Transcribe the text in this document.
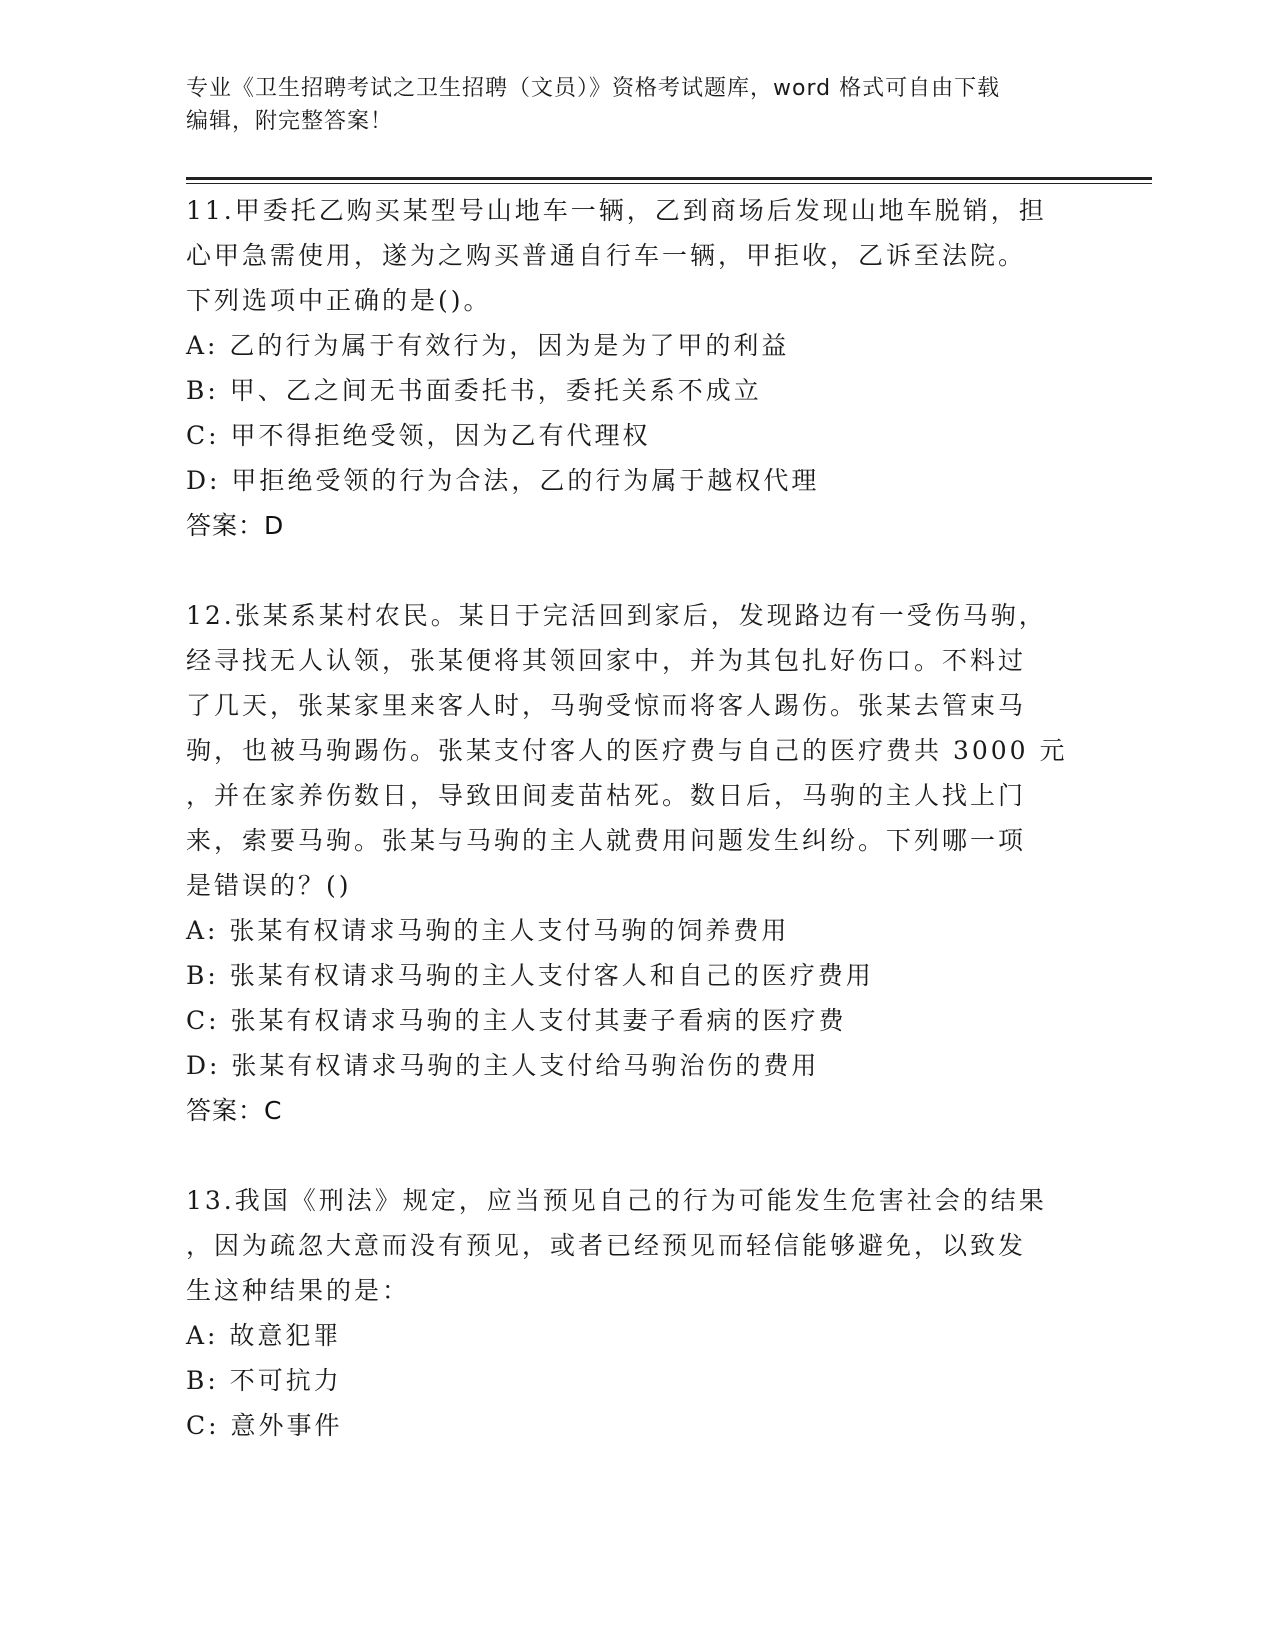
专业《卫生招聘考试之卫生招聘（文员）》资格考试题库，word 格式可自由下载
编辑，附完整答案！
11.甲委托乙购买某型号山地车一辆，乙到商场后发现山地车脱销，担
心甲急需使用，遂为之购买普通自行车一辆，甲拒收，乙诉至法院。
下列选项中正确的是()。
A: 乙的行为属于有效行为，因为是为了甲的利益
B: 甲、乙之间无书面委托书，委托关系不成立
C: 甲不得拒绝受领，因为乙有代理权
D: 甲拒绝受领的行为合法，乙的行为属于越权代理
答案：D
12.张某系某村农民。某日于完活回到家后，发现路边有一受伤马驹，
经寻找无人认领，张某便将其领回家中，并为其包扎好伤口。不料过
了几天，张某家里来客人时，马驹受惊而将客人踢伤。张某去管束马
驹，也被马驹踢伤。张某支付客人的医疗费与自己的医疗费共 3000 元
，并在家养伤数日，导致田间麦苗枯死。数日后，马驹的主人找上门
来，索要马驹。张某与马驹的主人就费用问题发生纠纷。下列哪一项
是错误的？()
A: 张某有权请求马驹的主人支付马驹的饲养费用
B: 张某有权请求马驹的主人支付客人和自己的医疗费用
C: 张某有权请求马驹的主人支付其妻子看病的医疗费
D: 张某有权请求马驹的主人支付给马驹治伤的费用
答案：C
13.我国《刑法》规定，应当预见自己的行为可能发生危害社会的结果
，因为疏忽大意而没有预见，或者已经预见而轻信能够避免，以致发
生这种结果的是：
A: 故意犯罪
B: 不可抗力
C: 意外事件
